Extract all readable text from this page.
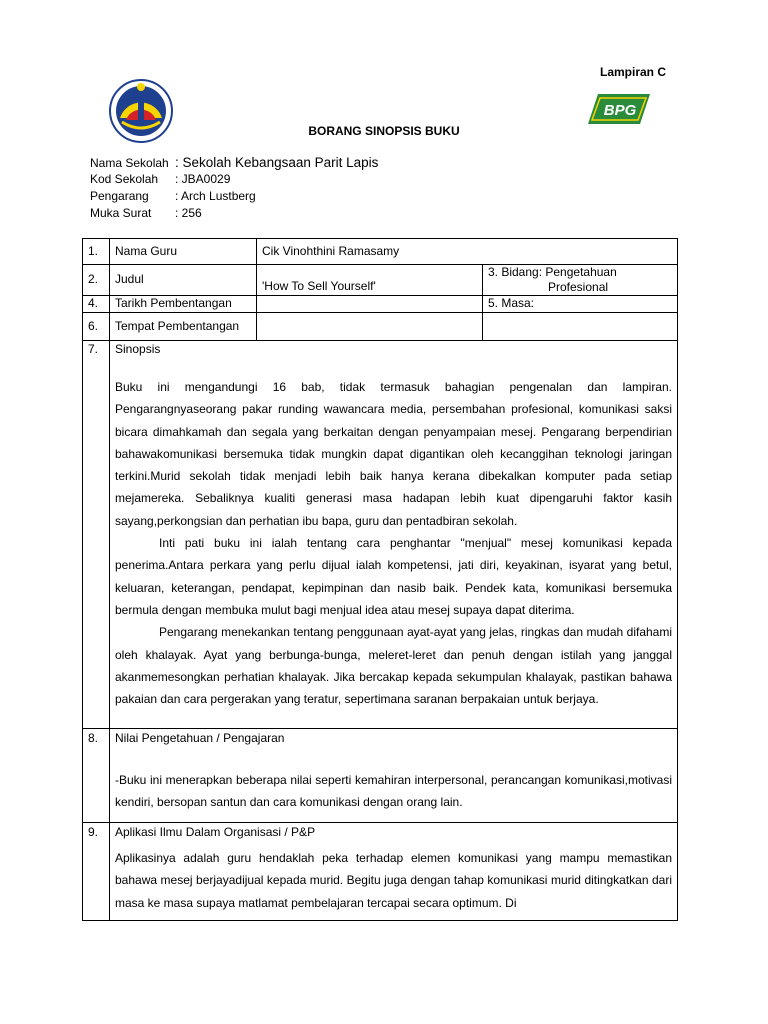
Lampiran C
BPG
BORANG SINOPSIS BUKU
Nama Sekolah : Sekolah Kebangsaan Parit Lapis
Kod Sekolah : JBA0029
Pengarang : Arch Lustberg
Muka Surat : 256
1.	Nama Guru	Cik Vinohthini Ramasamy	
2.	Judul	'How To Sell Yourself'	3. Bidang: Pengetahuan
Profesional

4.	Tarikh Pembentangan		5. Masa:
6.	Tempat Pembentangan		
7.	Sinopsis

Buku ini mengandungi 16 bab, tidak termasuk bahagian pengenalan dan lampiran. Pengarangnyaseorang pakar runding wawancara media, persembahan profesional, komunikasi saksi bicara dimahkamah dan segala yang berkaitan dengan penyampaian mesej. Pengarang berpendirian bahawakomunikasi bersemuka tidak mungkin dapat digantikan oleh kecanggihan teknologi jaringan terkini.Murid sekolah tidak menjadi lebih baik hanya kerana dibekalkan komputer pada setiap mejamereka. Sebaliknya kualiti generasi masa hadapan lebih kuat dipengaruhi faktor kasih sayang,perkongsian dan perhatian ibu bapa, guru dan pentadbiran sekolah.

Inti pati buku ini ialah tentang cara penghantar "menjual" mesej komunikasi kepada penerima.Antara perkara yang perlu dijual ialah kompetensi, jati diri, keyakinan, isyarat yang betul, keluaran, keterangan, pendapat, kepimpinan dan nasib baik. Pendek kata, komunikasi bersemuka bermula dengan membuka mulut bagi menjual idea atau mesej supaya dapat diterima.

Pengarang menekankan tentang penggunaan ayat-ayat yang jelas, ringkas dan mudah difahami oleh khalayak. Ayat yang berbunga-bunga, meleret-leret dan penuh dengan istilah yang janggal akanmemesongkan perhatian khalayak. Jika bercakap kepada sekumpulan khalayak, pastikan bahawa pakaian dan cara pergerakan yang teratur, sepertimana saranan berpakaian untuk berjaya.		

8.	Nilai Pengetahuan / Pengajaran

-Buku ini menerapkan beberapa nilai seperti kemahiran interpersonal, perancangan komunikasi,motivasi kendiri, bersopan santun dan cara komunikasi dengan orang lain.		

9.	Aplikasi Ilmu Dalam Organisasi / P&P

Aplikasinya adalah guru hendaklah peka terhadap elemen komunikasi yang mampu memastikan bahawa mesej berjayadijual kepada murid. Begitu juga dengan tahap komunikasi murid ditingkatkan dari masa ke masa supaya matlamat pembelajaran tercapai secara optimum. Di		
